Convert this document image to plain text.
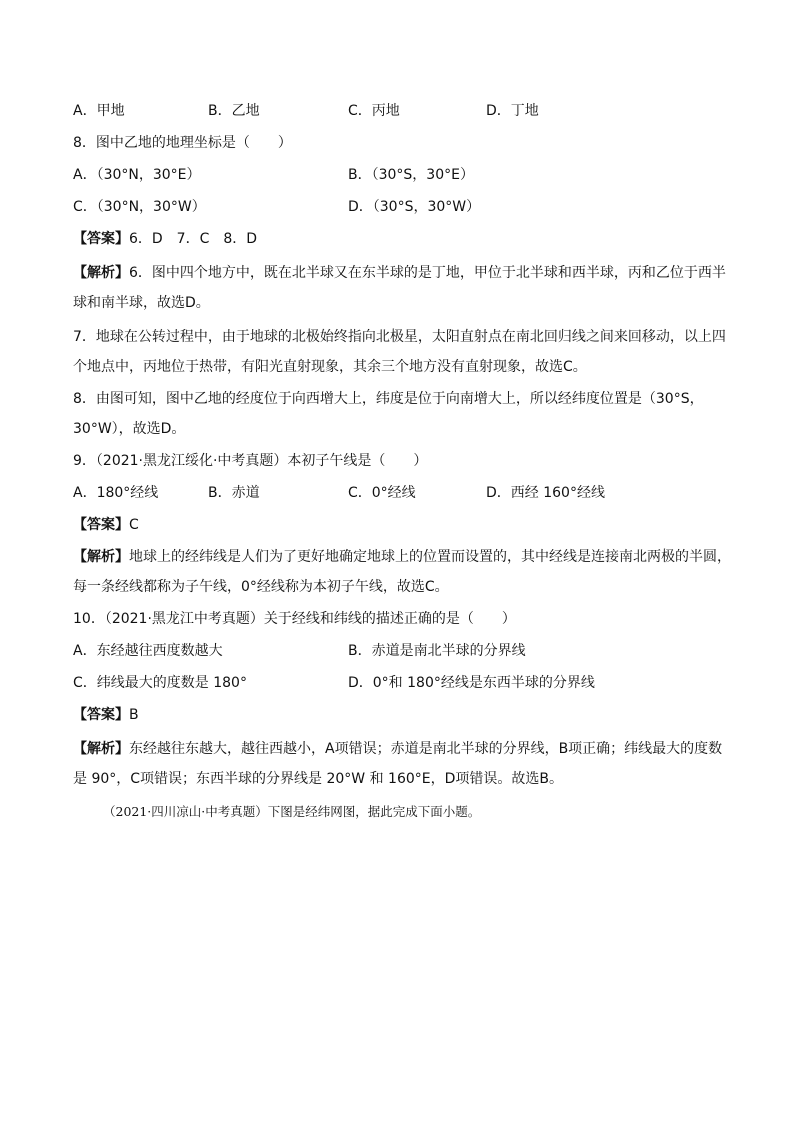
A．甲地	B．乙地	C．丙地	D．丁地
8．图中乙地的地理坐标是（　　）
A．（30°N，30°E）	B．（30°S，30°E）
C．（30°N，30°W）	D．（30°S，30°W）
【答案】6．D　7．C　8．D
【解析】6．图中四个地方中，既在北半球又在东半球的是丁地，甲位于北半球和西半球，丙和乙位于西半
球和南半球，故选D。
7．地球在公转过程中，由于地球的北极始终指向北极星，太阳直射点在南北回归线之间来回移动，以上四
个地点中，丙地位于热带，有阳光直射现象，其余三个地方没有直射现象，故选C。
8．由图可知，图中乙地的经度位于向西增大上，纬度是位于向南增大上，所以经纬度位置是（30°S，
30°W），故选D。
9．（2021·黑龙江绥化·中考真题）本初子午线是（　　）
A．180°经线	B．赤道	C．0°经线	D．西经 160°经线
【答案】C
【解析】地球上的经纬线是人们为了更好地确定地球上的位置而设置的，其中经线是连接南北两极的半圆，
每一条经线都称为子午线，0°经线称为本初子午线，故选C。
10．（2021·黑龙江中考真题）关于经线和纬线的描述正确的是（　　）
A．东经越往西度数越大	B．赤道是南北半球的分界线
C．纬线最大的度数是 180°	D．0°和 180°经线是东西半球的分界线
【答案】B
【解析】东经越往东越大，越往西越小，A项错误；赤道是南北半球的分界线，B项正确；纬线最大的度数
是 90°，C项错误；东西半球的分界线是 20°W 和 160°E，D项错误。故选B。
（2021·四川凉山·中考真题）下图是经纬网图，据此完成下面小题。
